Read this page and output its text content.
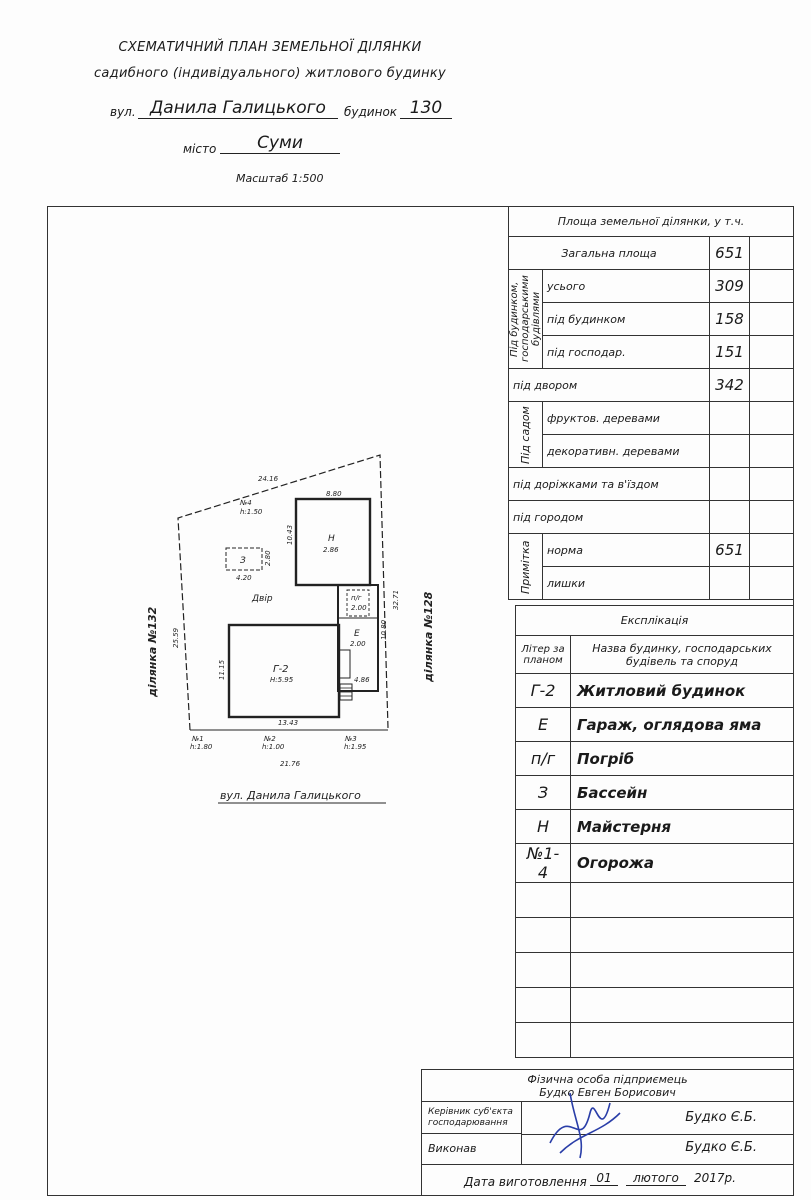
СХЕМАТИЧНИЙ ПЛАН ЗЕМЕЛЬНОЇ ДІЛЯНКИ
садибного (індивідуального) житлового будинку
вул. Данила Галицького	будинок 130
місто	Суми
Масштаб 1:500
24.16
№4
h:1.50
8.80
Н
2.86
10.43
З
4.20
2.80
Двір	п/г
2.00
Е
2.00
32.71
10.80
25.59
Г-2
Н:5.95
11.15
13.43
4.86
№1
h:1.80
№2
h:1.00
№3
h:1.95
21.76
ділянка №132	ділянка №128
вул. Данила Галицького
Площа земельної ділянки, у т.ч.			
Загальна площа		651	

Під будинком, господарськими будівлями	усього	309	
	під будинком	158	
	під господар.	151	
під двором		342	

Під садом	фруктов. деревами		
	декоративн. деревами		
під доріжками та в'їздом			
під городом			

Примітка	норма	651	
	лишки		
Експлікація	
Літер за планом	Назва будинку, господарських будівель та споруд
Г-2	Житловий будинок
Е	Гараж, оглядова яма
п/г	Погріб
З	Бассейн
Н	Майстерня
№1-4	Огорожа

Фізична особа підприємець
Будко Евген Борисович
Керівник суб'єкта господарювання	Будко Є.Б.
Виконав	Будко Є.Б.
Дата виготовлення 01	лютого	2017р.
